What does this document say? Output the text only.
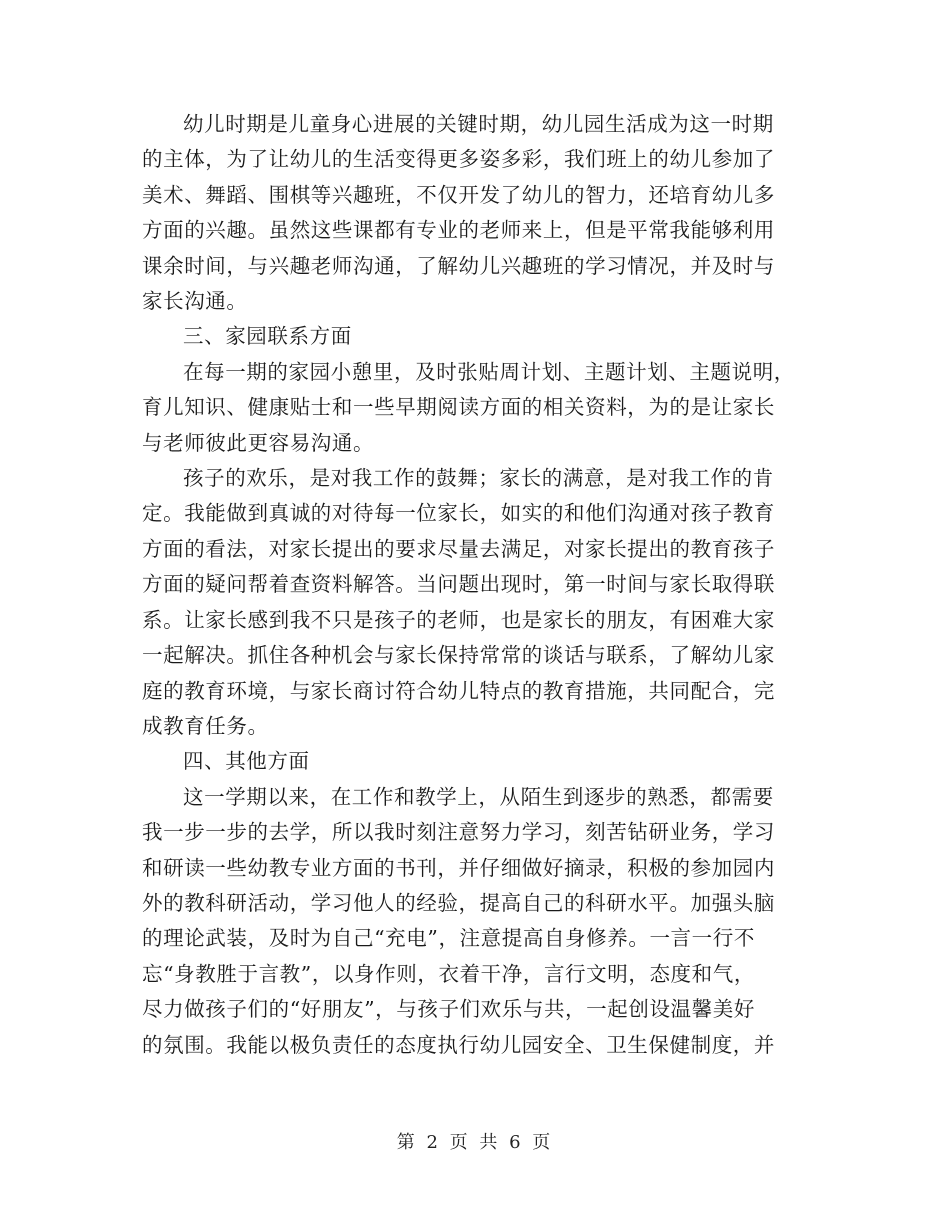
幼儿时期是儿童身心进展的关键时期，幼儿园生活成为这一时期
的主体，为了让幼儿的生活变得更多姿多彩，我们班上的幼儿参加了
美术、舞蹈、围棋等兴趣班，不仅开发了幼儿的智力，还培育幼儿多
方面的兴趣。虽然这些课都有专业的老师来上，但是平常我能够利用
课余时间，与兴趣老师沟通，了解幼儿兴趣班的学习情况，并及时与
家长沟通。

三、家园联系方面

在每一期的家园小憩里，及时张贴周计划、主题计划、主题说明，
育儿知识、健康贴士和一些早期阅读方面的相关资料，为的是让家长
与老师彼此更容易沟通。

孩子的欢乐，是对我工作的鼓舞；家长的满意，是对我工作的肯
定。我能做到真诚的对待每一位家长，如实的和他们沟通对孩子教育
方面的看法，对家长提出的要求尽量去满足，对家长提出的教育孩子
方面的疑问帮着查资料解答。当问题出现时，第一时间与家长取得联
系。让家长感到我不只是孩子的老师，也是家长的朋友，有困难大家
一起解决。抓住各种机会与家长保持常常的谈话与联系，了解幼儿家
庭的教育环境，与家长商讨符合幼儿特点的教育措施，共同配合，完
成教育任务。

四、其他方面

这一学期以来，在工作和教学上，从陌生到逐步的熟悉，都需要
我一步一步的去学，所以我时刻注意努力学习，刻苦钻研业务，学习
和研读一些幼教专业方面的书刊，并仔细做好摘录，积极的参加园内
外的教科研活动，学习他人的经验，提高自己的科研水平。加强头脑
的理论武装，及时为自己“充电”，注意提高自身修养。一言一行不
忘“身教胜于言教”，以身作则，衣着干净，言行文明，态度和气，
尽力做孩子们的“好朋友”，与孩子们欢乐与共，一起创设温馨美好
的氛围。我能以极负责任的态度执行幼儿园安全、卫生保健制度，并

第 2 页 共 6 页
